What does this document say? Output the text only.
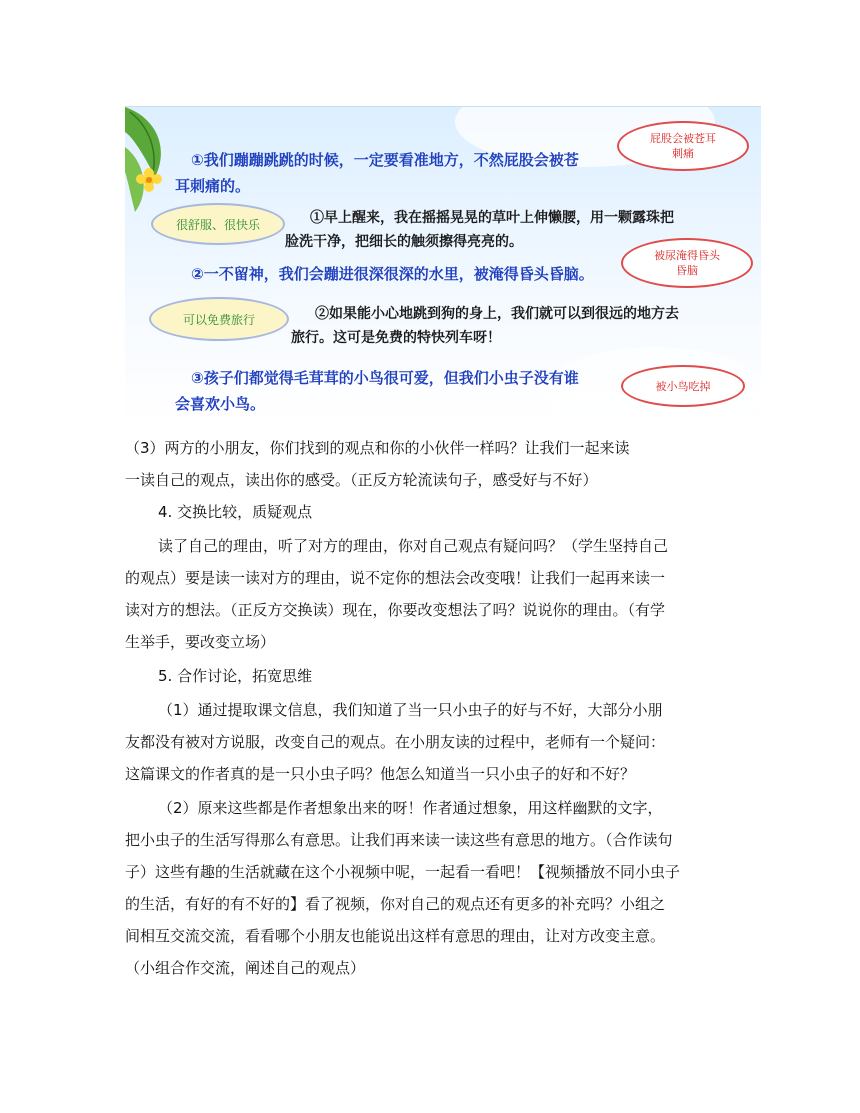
①我们蹦蹦跳跳的时候，一定要看准地方，不然屁股会被苍
耳刺痛的。
屁股会被苍耳
刺痛
很舒服、很快乐	①早上醒来，我在摇摇晃晃的草叶上伸懒腰，用一颗露珠把
脸洗干净，把细长的触须擦得亮亮的。
被尿淹得昏头
昏脑
②一不留神，我们会蹦进很深很深的水里，被淹得昏头昏脑。
可以免费旅行	②如果能小心地跳到狗的身上，我们就可以到很远的地方去
旅行。这可是免费的特快列车呀！
③孩子们都觉得毛茸茸的小鸟很可爱，但我们小虫子没有谁
会喜欢小鸟。
被小鸟吃掉

（3）两方的小朋友，你们找到的观点和你的小伙伴一样吗？让我们一起来读

一读自己的观点，读出你的感受。（正反方轮流读句子，感受好与不好）

4. 交换比较，质疑观点

读了自己的理由，听了对方的理由，你对自己观点有疑问吗？（学生坚持自己

的观点）要是读一读对方的理由，说不定你的想法会改变哦！让我们一起再来读一

读对方的想法。（正反方交换读）现在，你要改变想法了吗？说说你的理由。（有学

生举手，要改变立场）

5. 合作讨论，拓宽思维

（1）通过提取课文信息，我们知道了当一只小虫子的好与不好，大部分小朋

友都没有被对方说服，改变自己的观点。在小朋友读的过程中，老师有一个疑问：

这篇课文的作者真的是一只小虫子吗？他怎么知道当一只小虫子的好和不好？

（2）原来这些都是作者想象出来的呀！作者通过想象，用这样幽默的文字，

把小虫子的生活写得那么有意思。让我们再来读一读这些有意思的地方。（合作读句

子）这些有趣的生活就藏在这个小视频中呢，一起看一看吧！【视频播放不同小虫子

的生活，有好的有不好的】看了视频，你对自己的观点还有更多的补充吗？小组之

间相互交流交流，看看哪个小朋友也能说出这样有意思的理由，让对方改变主意。

（小组合作交流，阐述自己的观点）
